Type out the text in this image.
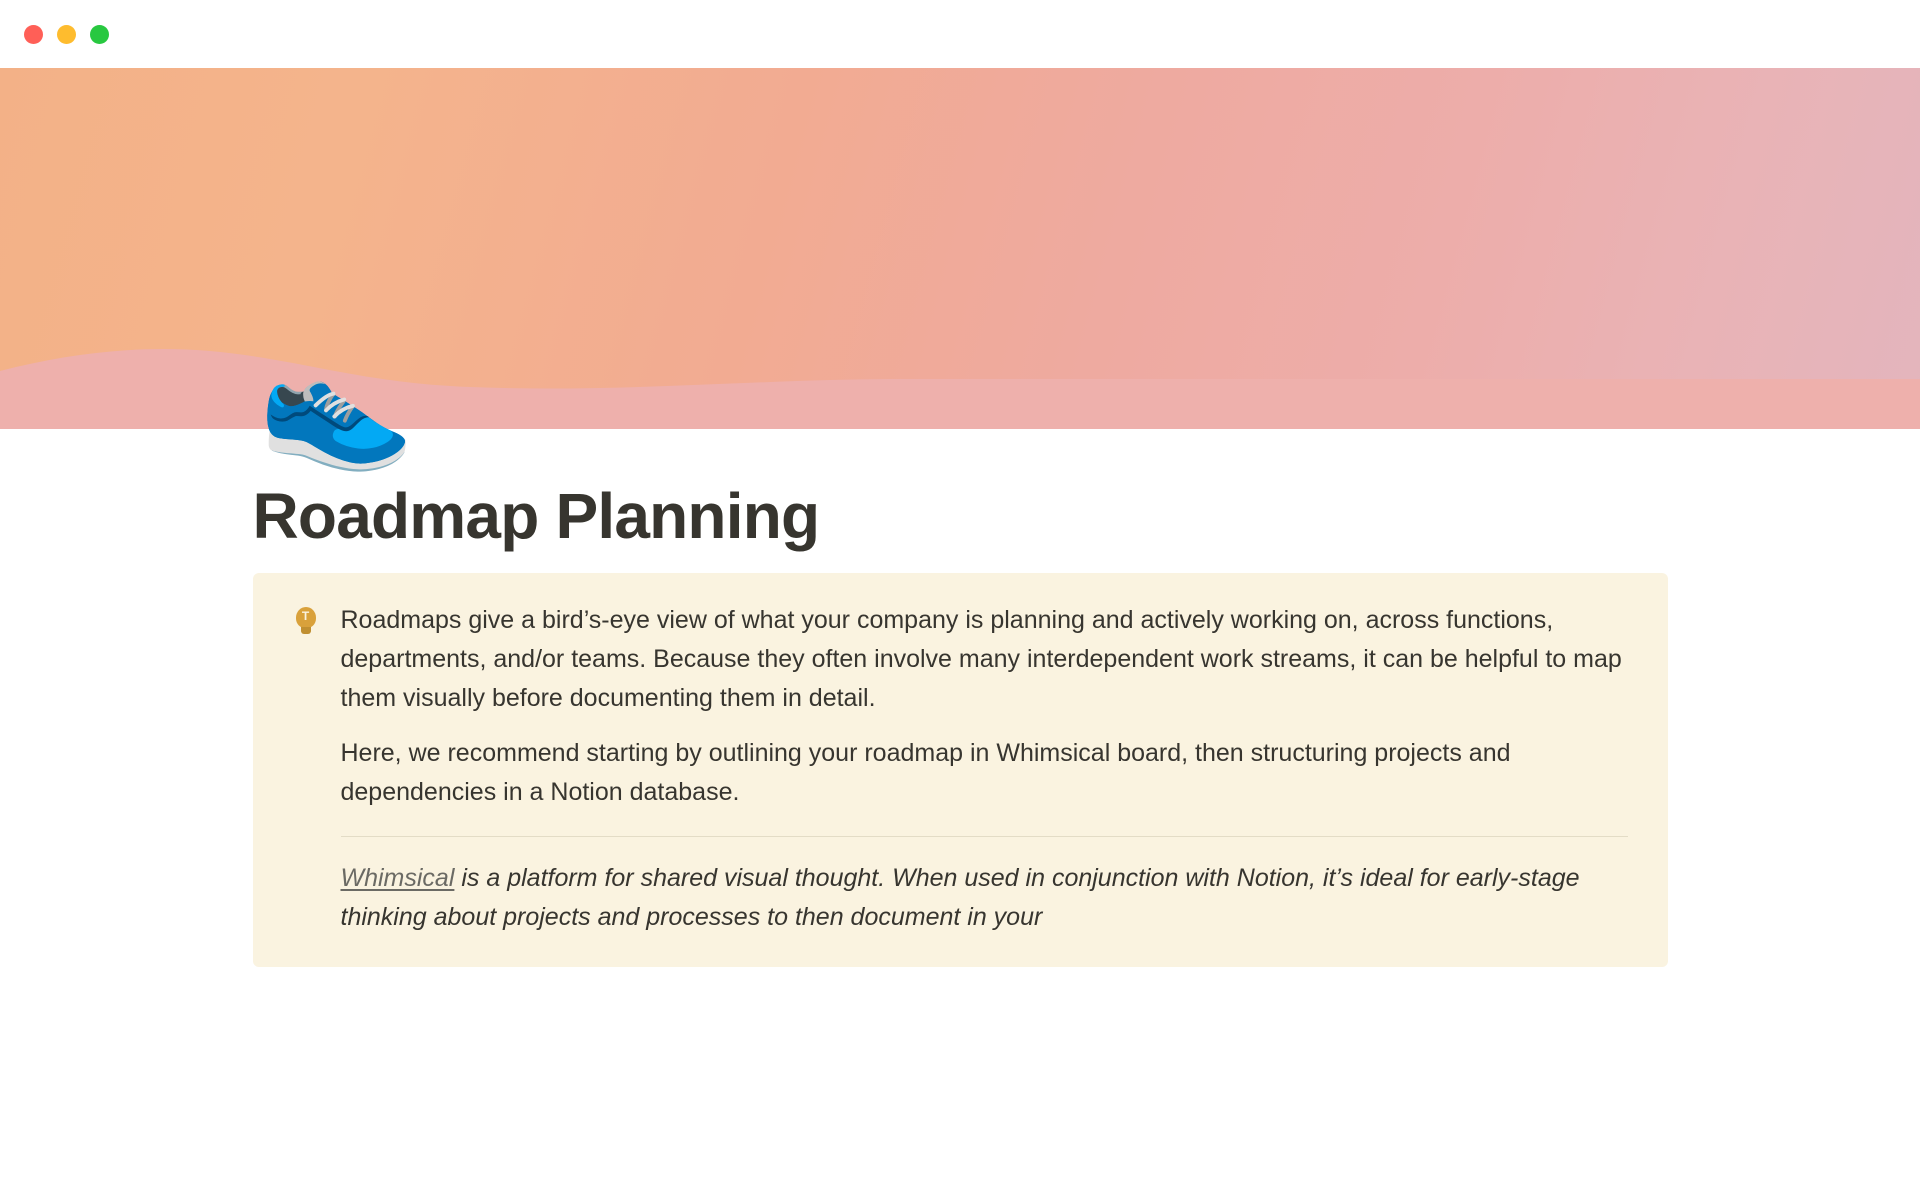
👟
Roadmap Planning
T

Roadmaps give a bird’s-eye view of what your company is planning and actively working on, across functions, departments, and/or teams. Because they often involve many interdependent work streams, it can be helpful to map them visually before documenting them in detail.

Here, we recommend starting by outlining your roadmap in Whimsical board, then structuring projects and dependencies in a Notion database.

Whimsical is a platform for shared visual thought. When used in conjunction with Notion, it’s ideal for early-stage thinking about projects and processes to then document in your
